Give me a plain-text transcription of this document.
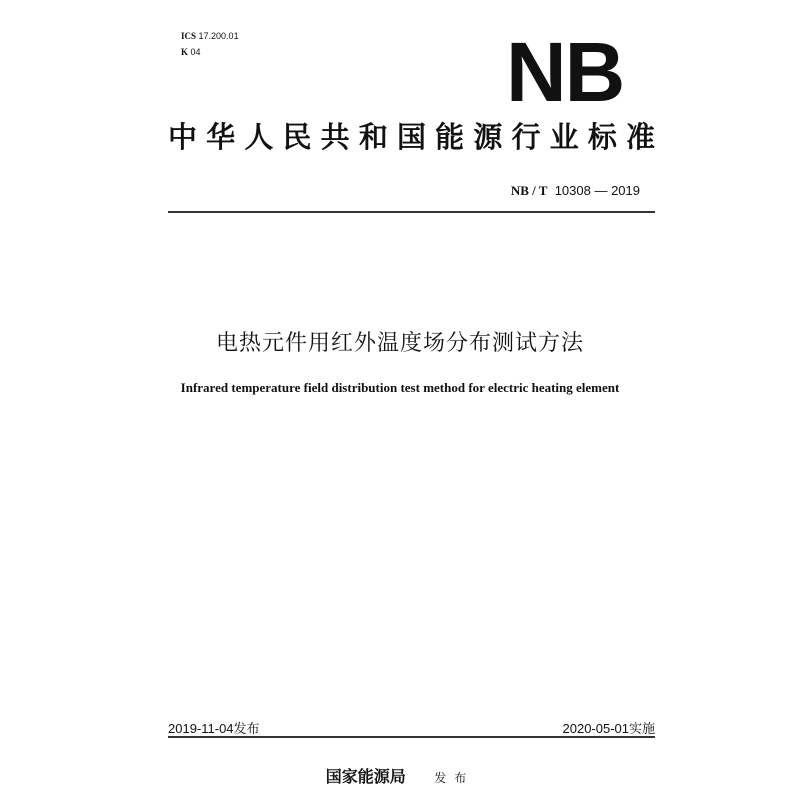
ICS 17.200.01
K 04	NB
中华人民共和国能源行业标准
NB / T 10308 — 2019
电热元件用红外温度场分布测试方法
Infrared temperature field distribution test method for electric heating element
2019-11-04发布	2020-05-01实施
国家能源局 发布
